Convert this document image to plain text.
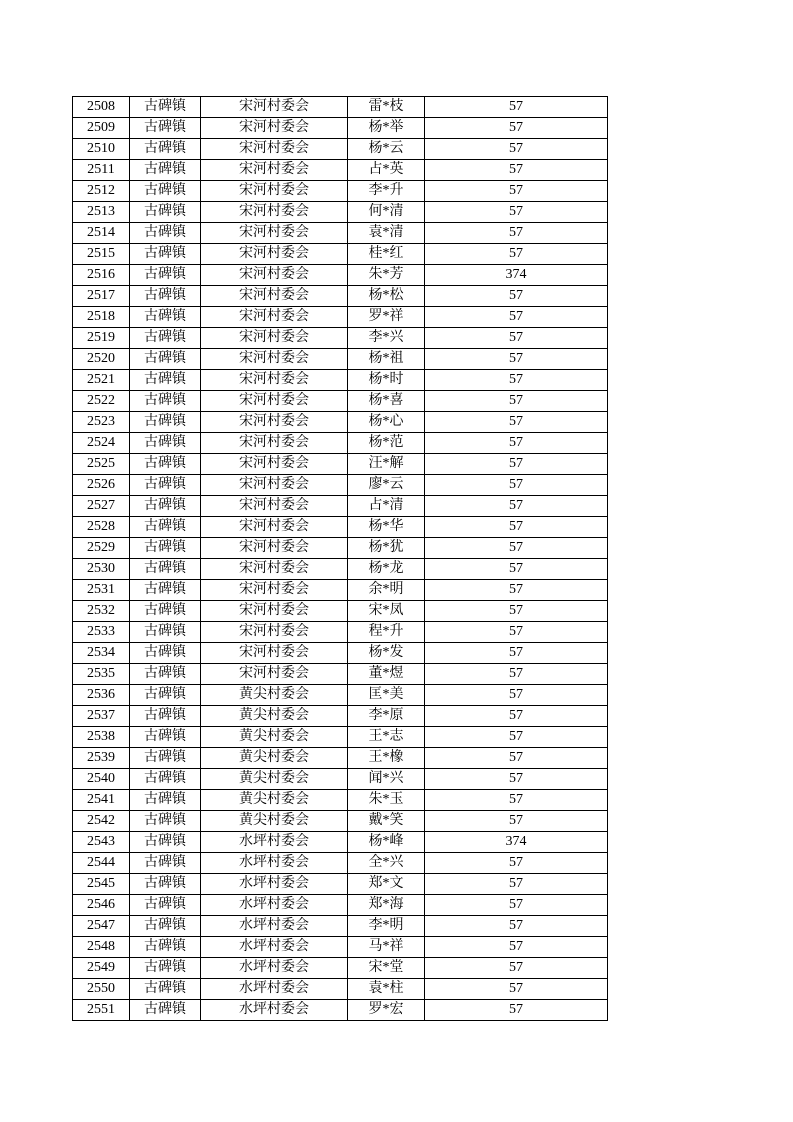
2508	古碑镇	宋河村委会	雷*枝	57
2509	古碑镇	宋河村委会	杨*举	57
2510	古碑镇	宋河村委会	杨*云	57
2511	古碑镇	宋河村委会	占*英	57
2512	古碑镇	宋河村委会	李*升	57
2513	古碑镇	宋河村委会	何*清	57
2514	古碑镇	宋河村委会	袁*清	57
2515	古碑镇	宋河村委会	桂*红	57
2516	古碑镇	宋河村委会	朱*芳	374
2517	古碑镇	宋河村委会	杨*松	57
2518	古碑镇	宋河村委会	罗*祥	57
2519	古碑镇	宋河村委会	李*兴	57
2520	古碑镇	宋河村委会	杨*祖	57
2521	古碑镇	宋河村委会	杨*时	57
2522	古碑镇	宋河村委会	杨*喜	57
2523	古碑镇	宋河村委会	杨*心	57
2524	古碑镇	宋河村委会	杨*范	57
2525	古碑镇	宋河村委会	汪*解	57
2526	古碑镇	宋河村委会	廖*云	57
2527	古碑镇	宋河村委会	占*清	57
2528	古碑镇	宋河村委会	杨*华	57
2529	古碑镇	宋河村委会	杨*犹	57
2530	古碑镇	宋河村委会	杨*龙	57
2531	古碑镇	宋河村委会	余*明	57
2532	古碑镇	宋河村委会	宋*凤	57
2533	古碑镇	宋河村委会	程*升	57
2534	古碑镇	宋河村委会	杨*发	57
2535	古碑镇	宋河村委会	董*煜	57
2536	古碑镇	黄尖村委会	匡*美	57
2537	古碑镇	黄尖村委会	李*原	57
2538	古碑镇	黄尖村委会	王*志	57
2539	古碑镇	黄尖村委会	王*橡	57
2540	古碑镇	黄尖村委会	闻*兴	57
2541	古碑镇	黄尖村委会	朱*玉	57
2542	古碑镇	黄尖村委会	戴*笑	57
2543	古碑镇	水坪村委会	杨*峰	374
2544	古碑镇	水坪村委会	全*兴	57
2545	古碑镇	水坪村委会	郑*文	57
2546	古碑镇	水坪村委会	郑*海	57
2547	古碑镇	水坪村委会	李*明	57
2548	古碑镇	水坪村委会	马*祥	57
2549	古碑镇	水坪村委会	宋*堂	57
2550	古碑镇	水坪村委会	袁*柱	57
2551	古碑镇	水坪村委会	罗*宏	57
